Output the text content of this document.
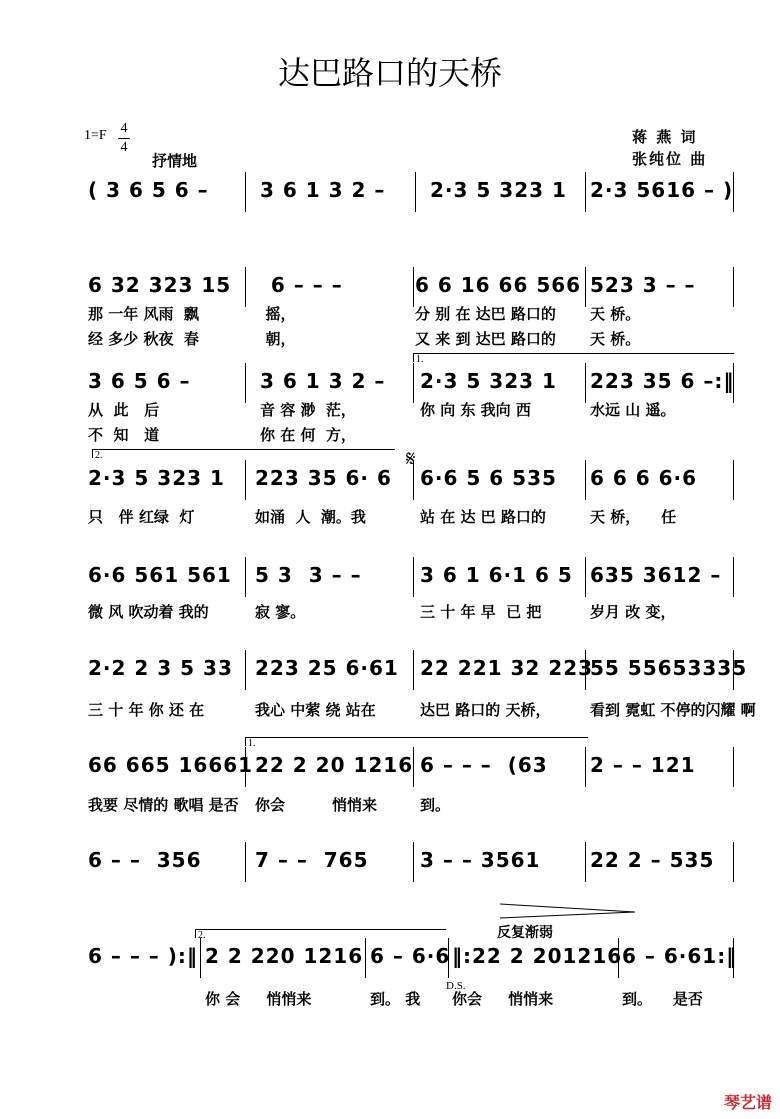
达巴路口的天桥
1=F 4
4
抒情地
蒋 燕 词
张纯位 曲
𝄋
D.S.
反复渐弱
1.
2.
1.
2.
琴艺谱
( 3 6 5 6 –	3 6 1 3 2 – 2·3 5 323 1 2·3 5616 – )
6 32 323 15
那 一年 风雨  飘
经 多少 秋夜  春
6 – – –
摇，
朝，
6 6 16 66 566
分 别 在 达巴 路口的
又 来 到 达巴 路口的
523 3 – –
天 桥。
天 桥。
3 6 5 6 –
从  此   后
不  知   道
3 6 1 3 2 –
音 容 渺  茫，
你 在 何  方，
2·3 5 323 1
你 向 东 我向 西
223 35 6 –:‖
水远 山 遥。
2·3 5 323 1
只   伴 红绿  灯
223 35 6· 6
如涌  人  潮。我
6·6 5 6 535
站 在 达 巴 路口的
6 6 6 6·6
天 桥，    任
6·6 561 561
微 风 吹动着 我的
5 3  3 – –
寂 寥。
3 6 1 6·1 6 5
三 十 年 早  已 把
635 3612 –
岁月 改 变，
2·2 2 3 5 33
三 十 年 你 还 在
223 25 6·61
我心 中萦 绕 站在
22 221 32 223
达巴 路口的 天桥，
55 55653335
看到 霓虹 不停的闪耀 啊
66 665 16661
我要 尽情的 歌唱 是否
22 2 20 1216
你会         悄悄来
6 – – –  (63
到。
2 – – 121
6 – –  356	7 – –  765	3 – – 3561 22 2 – 535
6 – – – ):‖ 2 2 220 1216
你 会     悄悄来
6 – 6·6
到。 我
‖:22 2 201216
你会     悄悄来
6 – 6·61:‖
到。    是否
